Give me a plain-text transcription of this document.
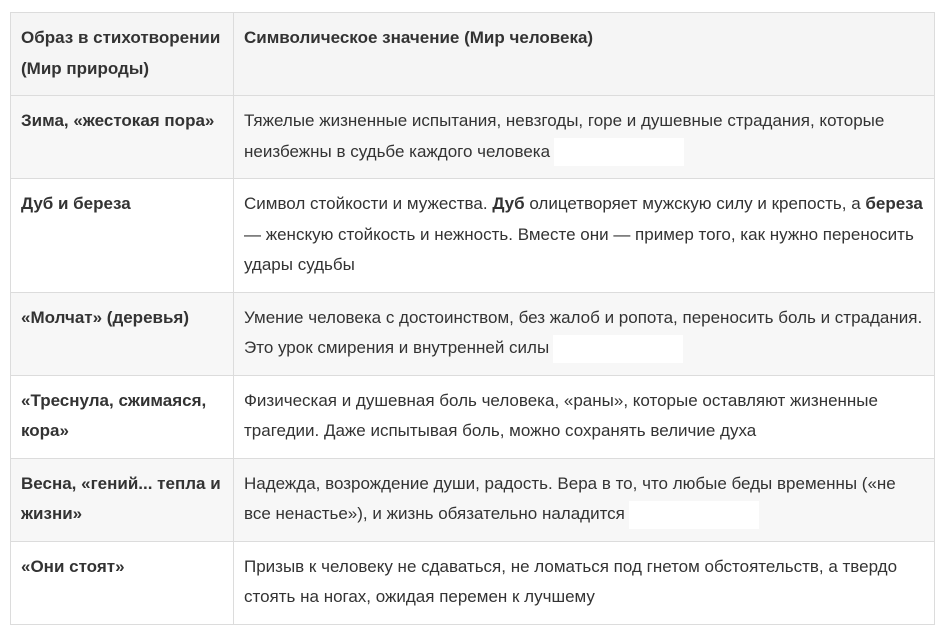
Образ в стихотворении (Мир природы)	Символическое значение (Мир человека)
Зима, «жестокая пора»	Тяжелые жизненные испытания, невзгоды, горе и душевные страдания, которые неизбежны в судьбе каждого человека
Дуб и береза	Символ стойкости и мужества. Дуб олицетворяет мужскую силу и крепость, а береза — женскую стойкость и нежность. Вместе они — пример того, как нужно переносить удары судьбы
«Молчат» (деревья)	Умение человека с достоинством, без жалоб и ропота, переносить боль и страдания. Это урок смирения и внутренней силы
«Треснула, сжимаяся, кора»	Физическая и душевная боль человека, «раны», которые оставляют жизненные трагедии. Даже испытывая боль, можно сохранять величие духа
Весна, «гений... тепла и жизни»	Надежда, возрождение души, радость. Вера в то, что любые беды временны («не все ненастье»), и жизнь обязательно наладится
«Они стоят»	Призыв к человеку не сдаваться, не ломаться под гнетом обстоятельств, а твердо стоять на ногах, ожидая перемен к лучшему
